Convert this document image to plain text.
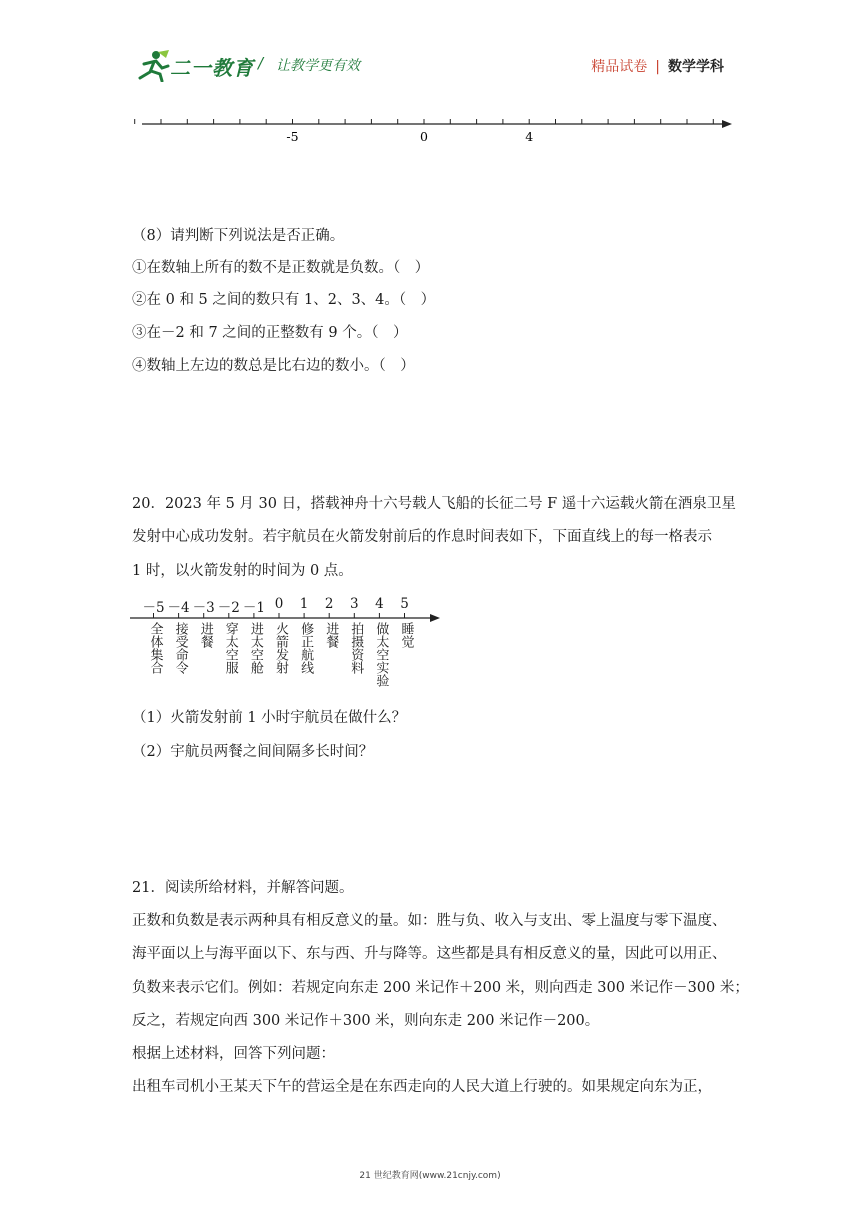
二一教育 / 让教学更有效	精品试卷 | 数学学科
-5	0	4
（8）请判断下列说法是否正确。
①在数轴上所有的数不是正数就是负数。（　）
②在 0 和 5 之间的数只有 1、2、3、4。（　）
③在－2 和 7 之间的正整数有 9 个。（　）
④数轴上左边的数总是比右边的数小。（　）
20．2023 年 5 月 30 日，搭载神舟十六号载人飞船的长征二号 F 遥十六运载火箭在酒泉卫星
发射中心成功发射。若宇航员在火箭发射前后的作息时间表如下，下面直线上的每一格表示
1 时，以火箭发射的时间为 0 点。
－5
全体集合
－4
接受命令
－3
进餐
－2
穿太空服
－1
进太空舱
0
火箭发射
1
修正航线
2
进餐
3
拍摄资料
4
做太空实验
5
睡觉
（1）火箭发射前 1 小时宇航员在做什么？
（2）宇航员两餐之间间隔多长时间？
21．阅读所给材料，并解答问题。
正数和负数是表示两种具有相反意义的量。如：胜与负、收入与支出、零上温度与零下温度、
海平面以上与海平面以下、东与西、升与降等。这些都是具有相反意义的量，因此可以用正、
负数来表示它们。例如：若规定向东走 200 米记作＋200 米，则向西走 300 米记作－300 米；
反之，若规定向西 300 米记作＋300 米，则向东走 200 米记作－200。
根据上述材料，回答下列问题：
出租车司机小王某天下午的营运全是在东西走向的人民大道上行驶的。如果规定向东为正，
21 世纪教育网(www.21cnjy.com)
